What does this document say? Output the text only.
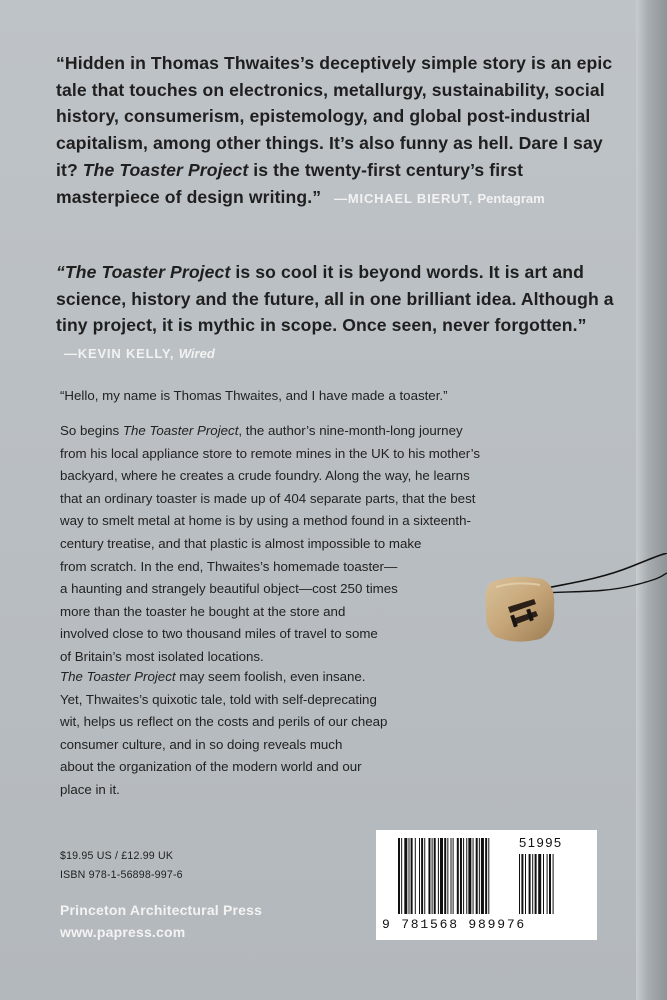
“Hidden in Thomas Thwaites’s deceptively simple story is an epic tale that touches on electronics, metallurgy, sustainability, social history, consumerism, epistemology, and global post-industrial capitalism, among other things. It’s also funny as hell. Dare I say it? The Toaster Project is the twenty-first century’s first masterpiece of design writing.” —MICHAEL BIERUT, Pentagram
“The Toaster Project is so cool it is beyond words. It is art and science, history and the future, all in one brilliant idea. Although a tiny project, it is mythic in scope. Once seen, never forgotten.” —KEVIN KELLY, Wired
“Hello, my name is Thomas Thwaites, and I have made a toaster.”
So begins The Toaster Project, the author’s nine-month-long journey
from his local appliance store to remote mines in the UK to his mother’s
backyard, where he creates a crude foundry. Along the way, he learns
that an ordinary toaster is made up of 404 separate parts, that the best
way to smelt metal at home is by using a method found in a sixteenth-
century treatise, and that plastic is almost impossible to make
from scratch. In the end, Thwaites’s homemade toaster—
a haunting and strangely beautiful object—cost 250 times
more than the toaster he bought at the store and
involved close to two thousand miles of travel to some
of Britain’s most isolated locations.
The Toaster Project may seem foolish, even insane.
Yet, Thwaites’s quixotic tale, told with self-deprecating
wit, helps us reflect on the costs and perils of our cheap
consumer culture, and in so doing reveals much
about the organization of the modern world and our
place in it.
$19.95 US / £12.99 UK
ISBN 978-1-56898-997-6
Princeton Architectural Press
www.papress.com	9 781568 989976
51995
